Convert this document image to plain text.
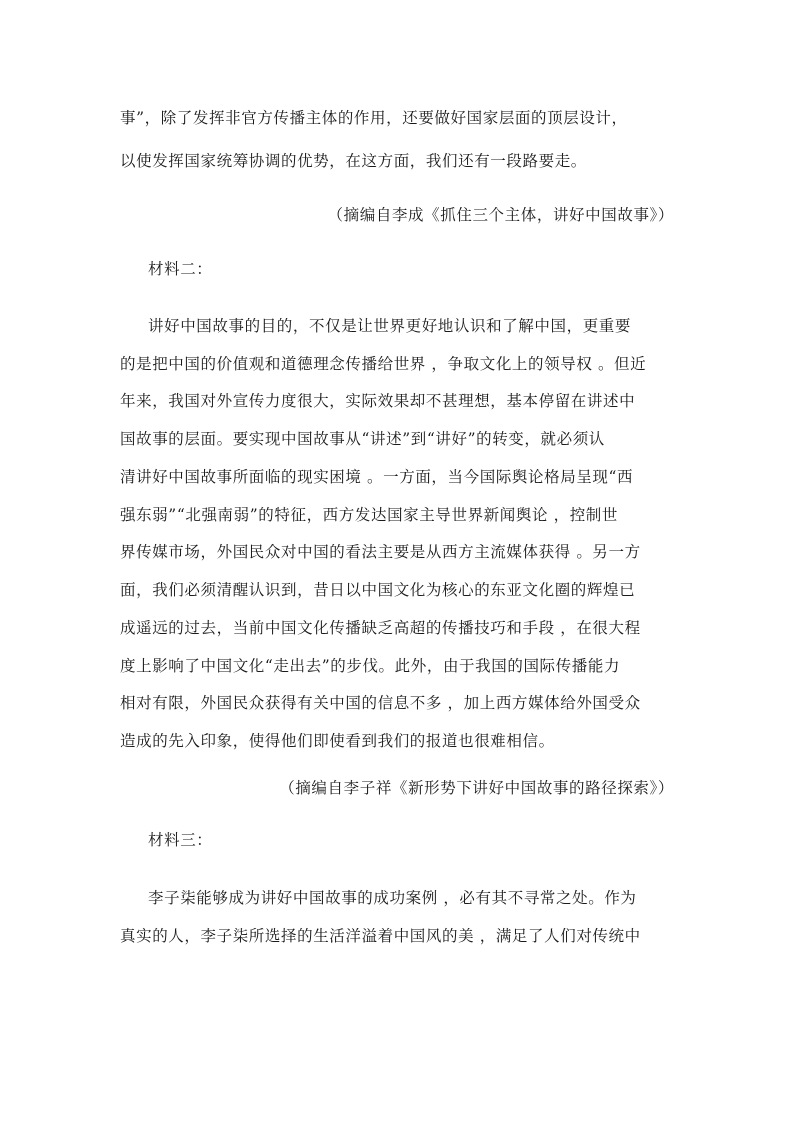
事”，除了发挥非官方传播主体的作用，还要做好国家层面的顶层设计，
以使发挥国家统筹协调的优势，在这方面，我们还有一段路要走。
（摘编自李成《抓住三个主体，讲好中国故事》）
材料二：
讲好中国故事的目的，不仅是让世界更好地认识和了解中国，更重要
的是把中国的价值观和道德理念传播给世界 ，争取文化上的领导权 。但近
年来，我国对外宣传力度很大，实际效果却不甚理想，基本停留在讲述中
国故事的层面。要实现中国故事从“讲述”到“讲好”的转变，就必须认
清讲好中国故事所面临的现实困境 。一方面，当今国际舆论格局呈现“西
强东弱”“北强南弱”的特征，西方发达国家主导世界新闻舆论 ，控制世
界传媒市场，外国民众对中国的看法主要是从西方主流媒体获得 。另一方
面，我们必须清醒认识到，昔日以中国文化为核心的东亚文化圈的辉煌已
成遥远的过去，当前中国文化传播缺乏高超的传播技巧和手段 ，在很大程
度上影响了中国文化“走出去”的步伐。此外，由于我国的国际传播能力
相对有限，外国民众获得有关中国的信息不多 ，加上西方媒体给外国受众
造成的先入印象，使得他们即使看到我们的报道也很难相信。
（摘编自李子祥《新形势下讲好中国故事的路径探索》）
材料三：
李子柒能够成为讲好中国故事的成功案例 ，必有其不寻常之处。作为
真实的人，李子柒所选择的生活洋溢着中国风的美 ，满足了人们对传统中
